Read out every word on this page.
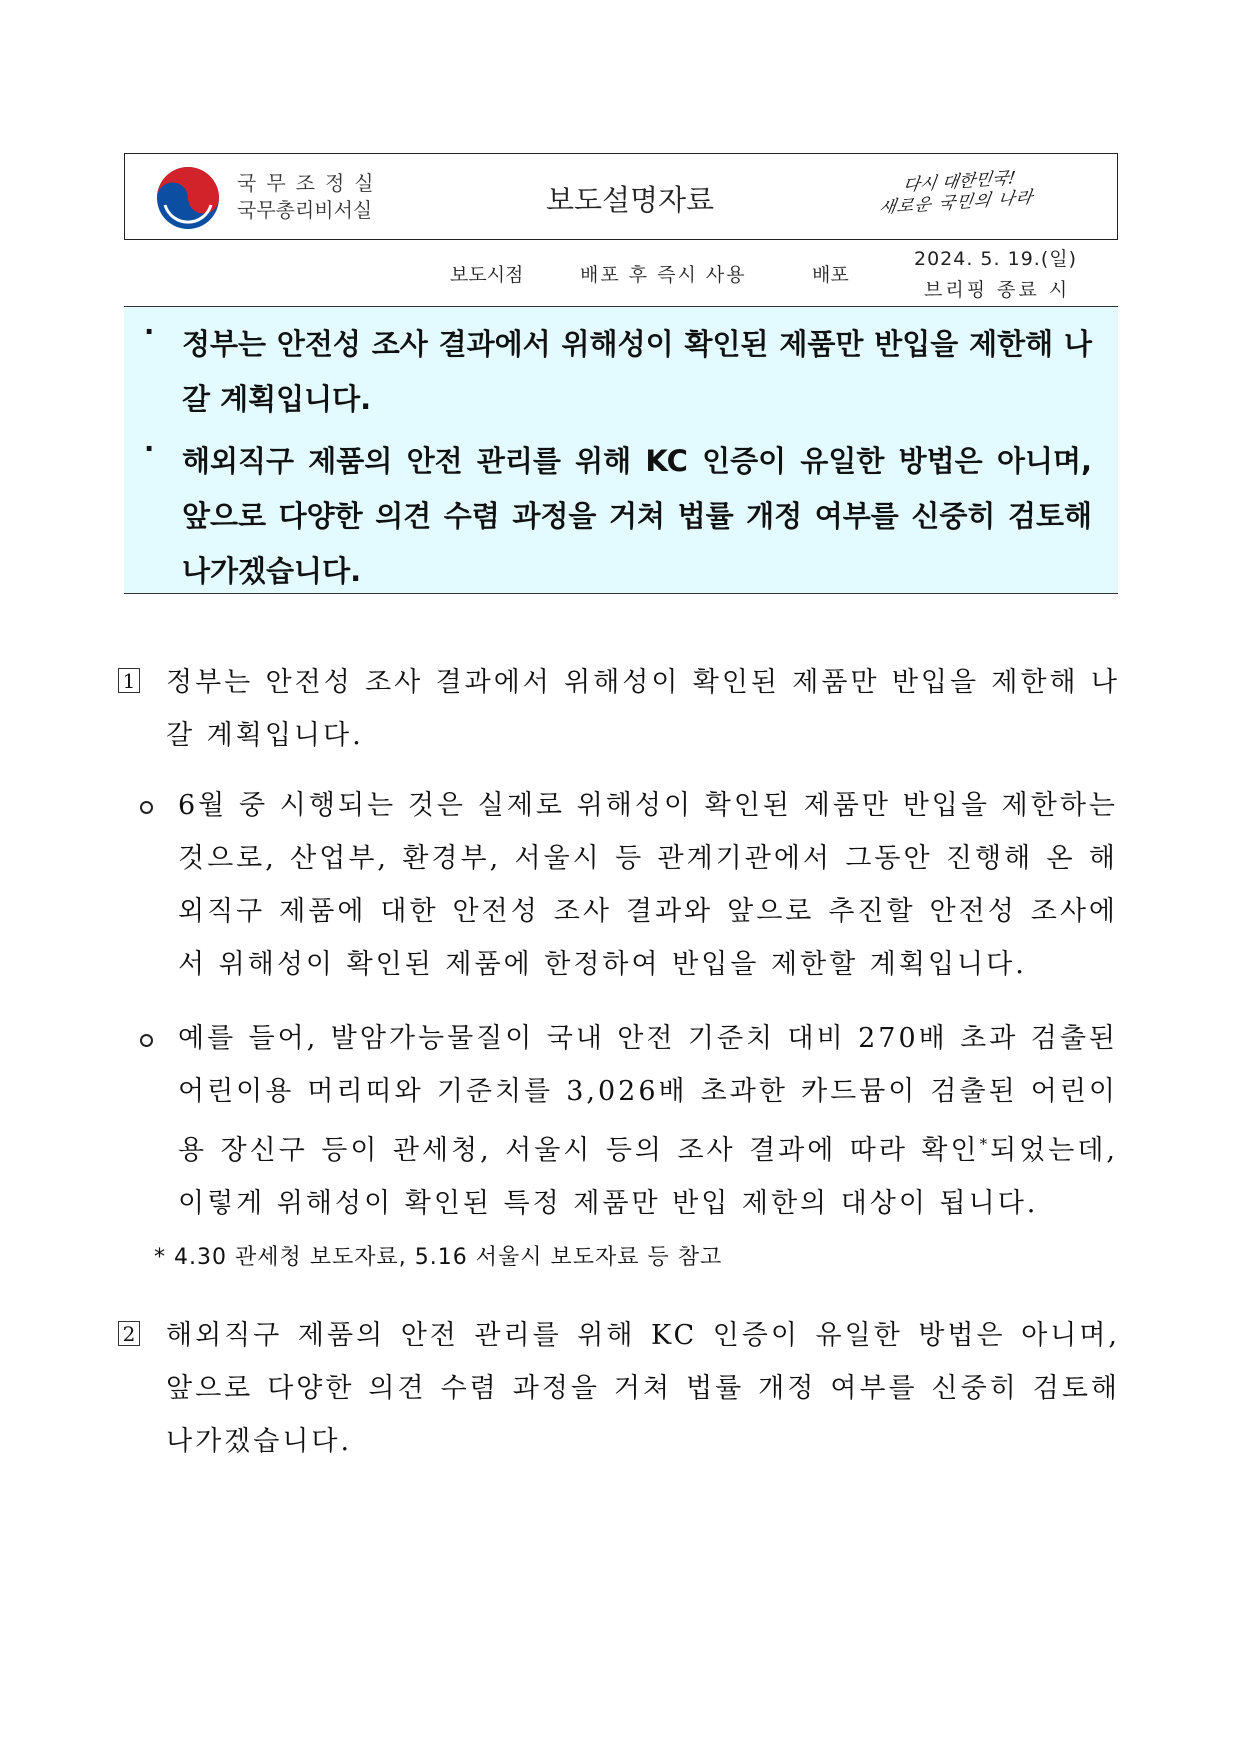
국무조정실
국무총리비서실	보도설명자료
다시 대한민국!
새로운 국민의 나라
보도시점	배포 후 즉시 사용	배포
2024. 5. 19.(일)
브리핑 종료 시
· 정부는 안전성 조사 결과에서 위해성이 확인된 제품만 반입을 제한해 나갈 계획입니다.
· 해외직구 제품의 안전 관리를 위해 KC 인증이 유일한 방법은 아니며, 앞으로 다양한 의견 수렴 과정을 거쳐 법률 개정 여부를 신중히 검토해 나가겠습니다.
1 정부는 안전성 조사 결과에서 위해성이 확인된 제품만 반입을 제한해 나갈 계획입니다.
6월 중 시행되는 것은 실제로 위해성이 확인된 제품만 반입을 제한하는 것으로, 산업부, 환경부, 서울시 등 관계기관에서 그동안 진행해 온 해외직구 제품에 대한 안전성 조사 결과와 앞으로 추진할 안전성 조사에서 위해성이 확인된 제품에 한정하여 반입을 제한할 계획입니다.
예를 들어, 발암가능물질이 국내 안전 기준치 대비 270배 초과 검출된 어린이용 머리띠와 기준치를 3,026배 초과한 카드뮴이 검출된 어린이용 장신구 등이 관세청, 서울시 등의 조사 결과에 따라 확인*되었는데, 이렇게 위해성이 확인된 특정 제품만 반입 제한의 대상이 됩니다.
* 4.30 관세청 보도자료, 5.16 서울시 보도자료 등 참고
2 해외직구 제품의 안전 관리를 위해 KC 인증이 유일한 방법은 아니며, 앞으로 다양한 의견 수렴 과정을 거쳐 법률 개정 여부를 신중히 검토해 나가겠습니다.
